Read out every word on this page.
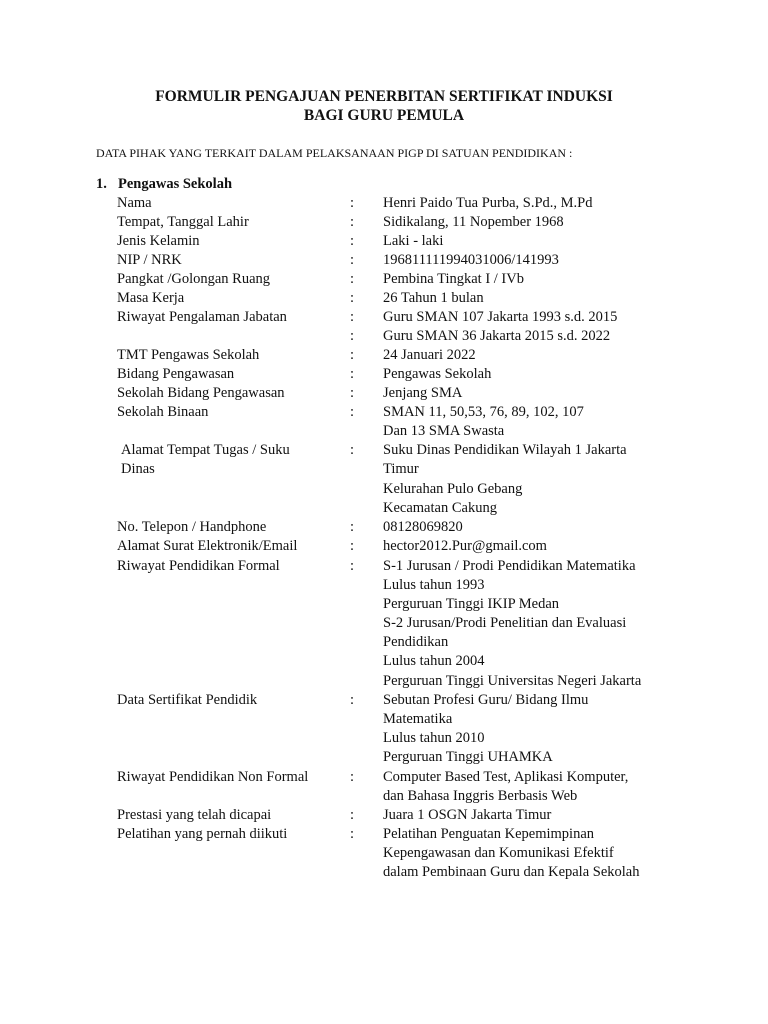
FORMULIR PENGAJUAN PENERBITAN SERTIFIKAT INDUKSI
BAGI GURU PEMULA
DATA PIHAK YANG TERKAIT DALAM PELAKSANAAN PIGP DI SATUAN PENDIDIKAN :
1. Pengawas Sekolah
Nama	: Henri Paido Tua Purba, S.Pd., M.Pd
Tempat, Tanggal Lahir	: Sidikalang, 11 Nopember 1968
Jenis Kelamin	: Laki - laki
NIP / NRK	: 196811111994031006/141993
Pangkat /Golongan Ruang	: Pembina Tingkat I / IVb
Masa Kerja	: 26 Tahun 1 bulan
Riwayat Pengalaman Jabatan	: Guru SMAN 107 Jakarta 1993 s.d. 2015
: Guru SMAN 36 Jakarta 2015 s.d. 2022
TMT Pengawas Sekolah	: 24 Januari 2022
Bidang Pengawasan	: Pengawas Sekolah
Sekolah Bidang Pengawasan	: Jenjang SMA
Sekolah Binaan	: SMAN 11, 50,53, 76, 89, 102, 107
Dan 13 SMA Swasta
Alamat Tempat Tugas / Suku
Dinas
: Suku Dinas Pendidikan Wilayah 1 Jakarta
Timur
Kelurahan Pulo Gebang
Kecamatan Cakung
No. Telepon / Handphone	: 08128069820
Alamat Surat Elektronik/Email	: hector2012.Pur@gmail.com
Riwayat Pendidikan Formal	: S-1 Jurusan / Prodi Pendidikan Matematika
Lulus tahun 1993
Perguruan Tinggi IKIP Medan
S-2 Jurusan/Prodi Penelitian dan Evaluasi
Pendidikan
Lulus tahun 2004
Perguruan Tinggi Universitas Negeri Jakarta
Data Sertifikat Pendidik	: Sebutan Profesi Guru/ Bidang Ilmu
Matematika
Lulus tahun 2010
Perguruan Tinggi UHAMKA
Riwayat Pendidikan Non Formal	: Computer Based Test, Aplikasi Komputer,
dan Bahasa Inggris Berbasis Web
Prestasi yang telah dicapai	: Juara 1 OSGN Jakarta Timur
Pelatihan yang pernah diikuti	: Pelatihan Penguatan Kepemimpinan
Kepengawasan dan Komunikasi Efektif
dalam Pembinaan Guru dan Kepala Sekolah
